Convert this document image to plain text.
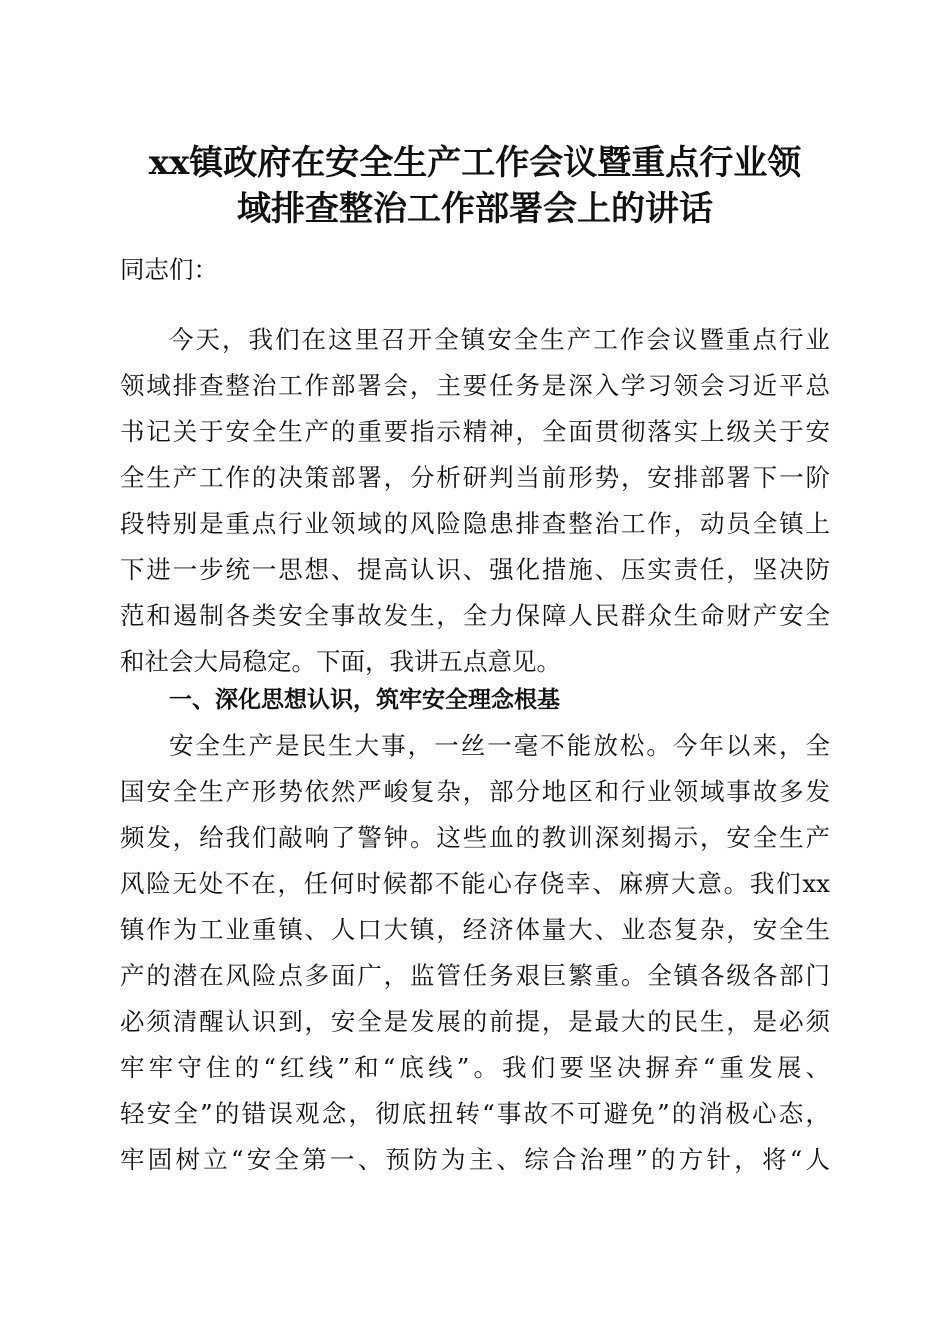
xx镇政府在安全生产工作会议暨重点行业领
域排查整治工作部署会上的讲话
同志们：
今天，我们在这里召开全镇安全生产工作会议暨重点行业
领域排查整治工作部署会，主要任务是深入学习领会习近平总
书记关于安全生产的重要指示精神，全面贯彻落实上级关于安
全生产工作的决策部署，分析研判当前形势，安排部署下一阶
段特别是重点行业领域的风险隐患排查整治工作，动员全镇上
下进一步统一思想、提高认识、强化措施、压实责任，坚决防
范和遏制各类安全事故发生，全力保障人民群众生命财产安全
和社会大局稳定。下面，我讲五点意见。
一、深化思想认识，筑牢安全理念根基
安全生产是民生大事，一丝一毫不能放松。今年以来，全
国安全生产形势依然严峻复杂，部分地区和行业领域事故多发
频发，给我们敲响了警钟。这些血的教训深刻揭示，安全生产
风险无处不在，任何时候都不能心存侥幸、麻痹大意。我们xx
镇作为工业重镇、人口大镇，经济体量大、业态复杂，安全生
产的潜在风险点多面广，监管任务艰巨繁重。全镇各级各部门
必须清醒认识到，安全是发展的前提，是最大的民生，是必须
牢牢守住的“红线”和“底线”。我们要坚决摒弃“重发展、
轻安全”的错误观念，彻底扭转“事故不可避免”的消极心态，
牢固树立“安全第一、预防为主、综合治理”的方针，将“人
